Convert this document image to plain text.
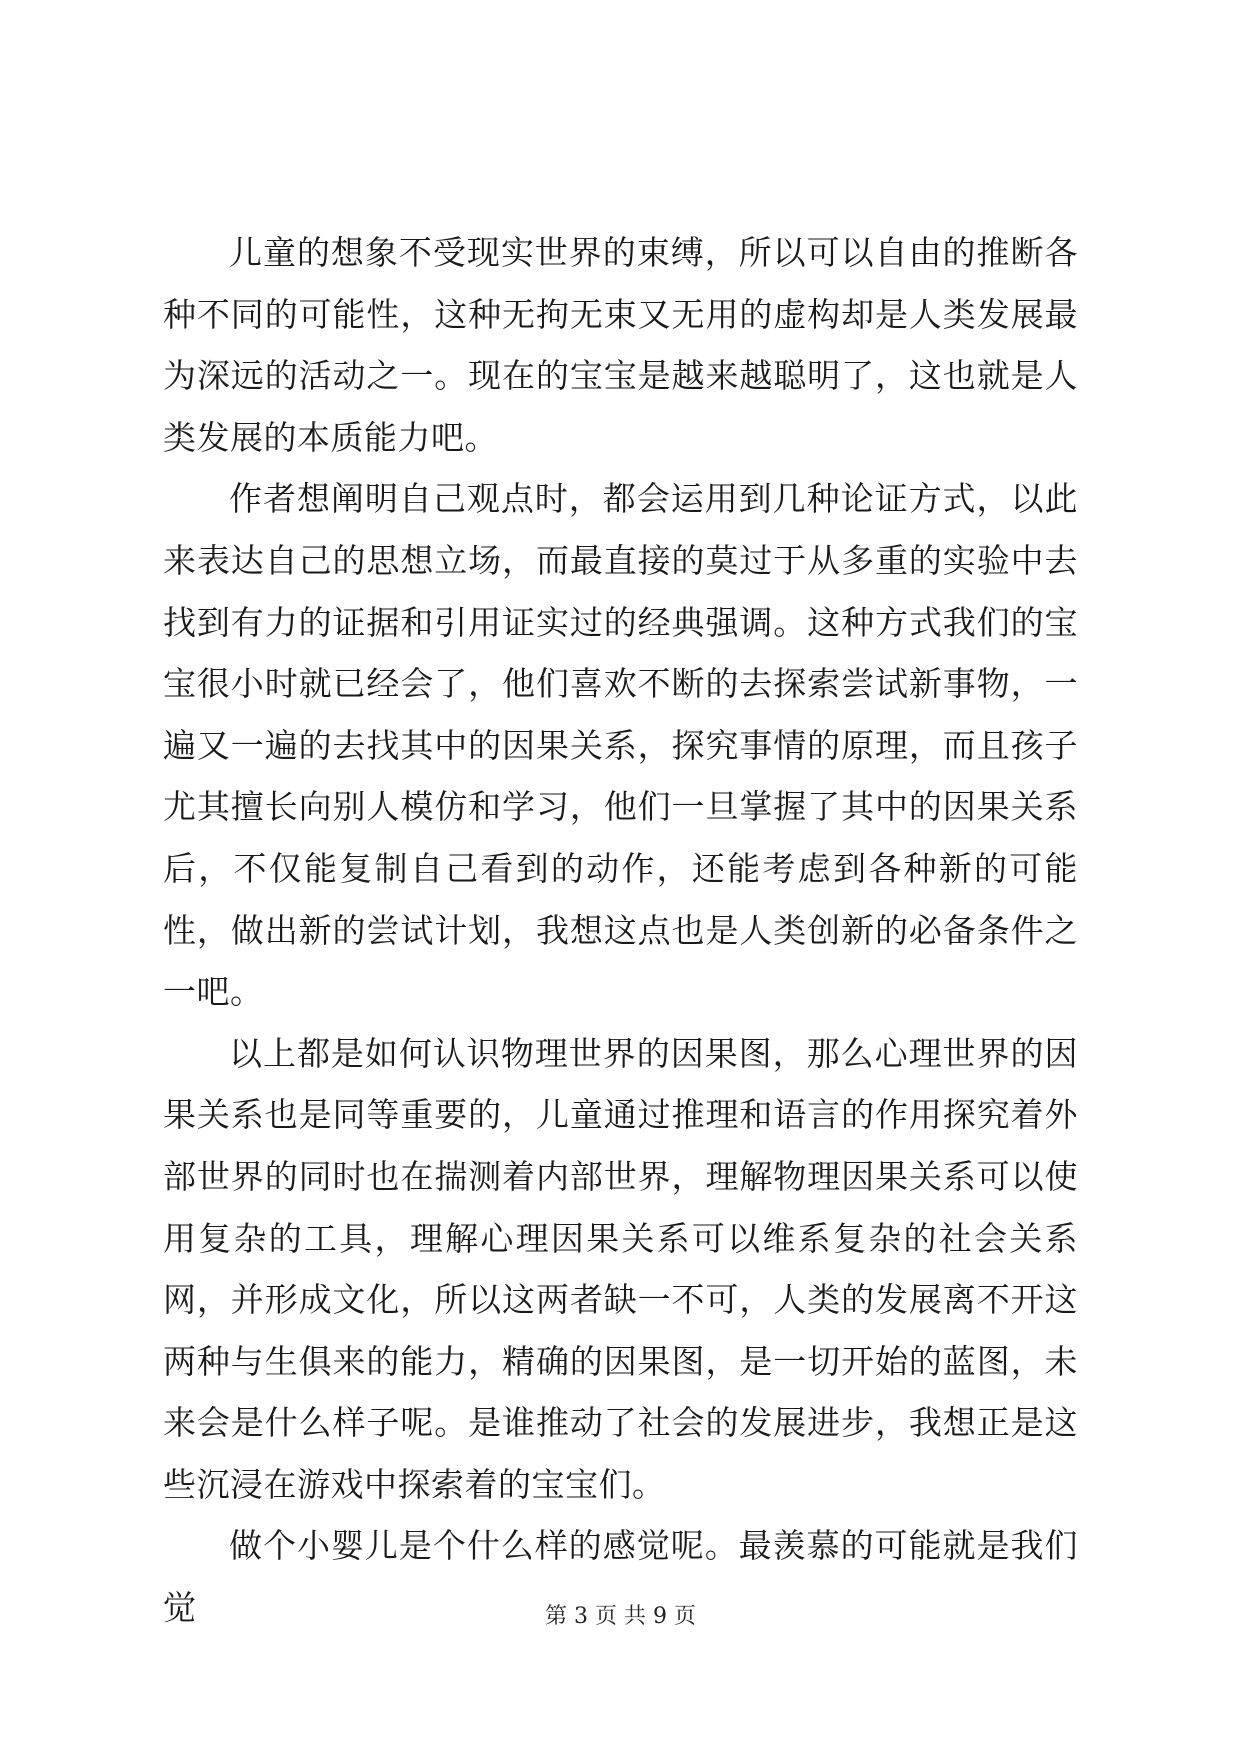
儿童的想象不受现实世界的束缚，所以可以自由的推断各种不同的可能性，这种无拘无束又无用的虚构却是人类发展最为深远的活动之一。现在的宝宝是越来越聪明了，这也就是人类发展的本质能力吧。

作者想阐明自己观点时，都会运用到几种论证方式，以此来表达自己的思想立场，而最直接的莫过于从多重的实验中去找到有力的证据和引用证实过的经典强调。这种方式我们的宝宝很小时就已经会了，他们喜欢不断的去探索尝试新事物，一遍又一遍的去找其中的因果关系，探究事情的原理，而且孩子尤其擅长向别人模仿和学习，他们一旦掌握了其中的因果关系后，不仅能复制自己看到的动作，还能考虑到各种新的可能性，做出新的尝试计划，我想这点也是人类创新的必备条件之一吧。

以上都是如何认识物理世界的因果图，那么心理世界的因果关系也是同等重要的，儿童通过推理和语言的作用探究着外部世界的同时也在揣测着内部世界，理解物理因果关系可以使用复杂的工具，理解心理因果关系可以维系复杂的社会关系网，并形成文化，所以这两者缺一不可，人类的发展离不开这两种与生俱来的能力，精确的因果图，是一切开始的蓝图，未来会是什么样子呢。是谁推动了社会的发展进步，我想正是这些沉浸在游戏中探索着的宝宝们。

做个小婴儿是个什么样的感觉呢。最羡慕的可能就是我们觉	第 3 页 共 9 页
